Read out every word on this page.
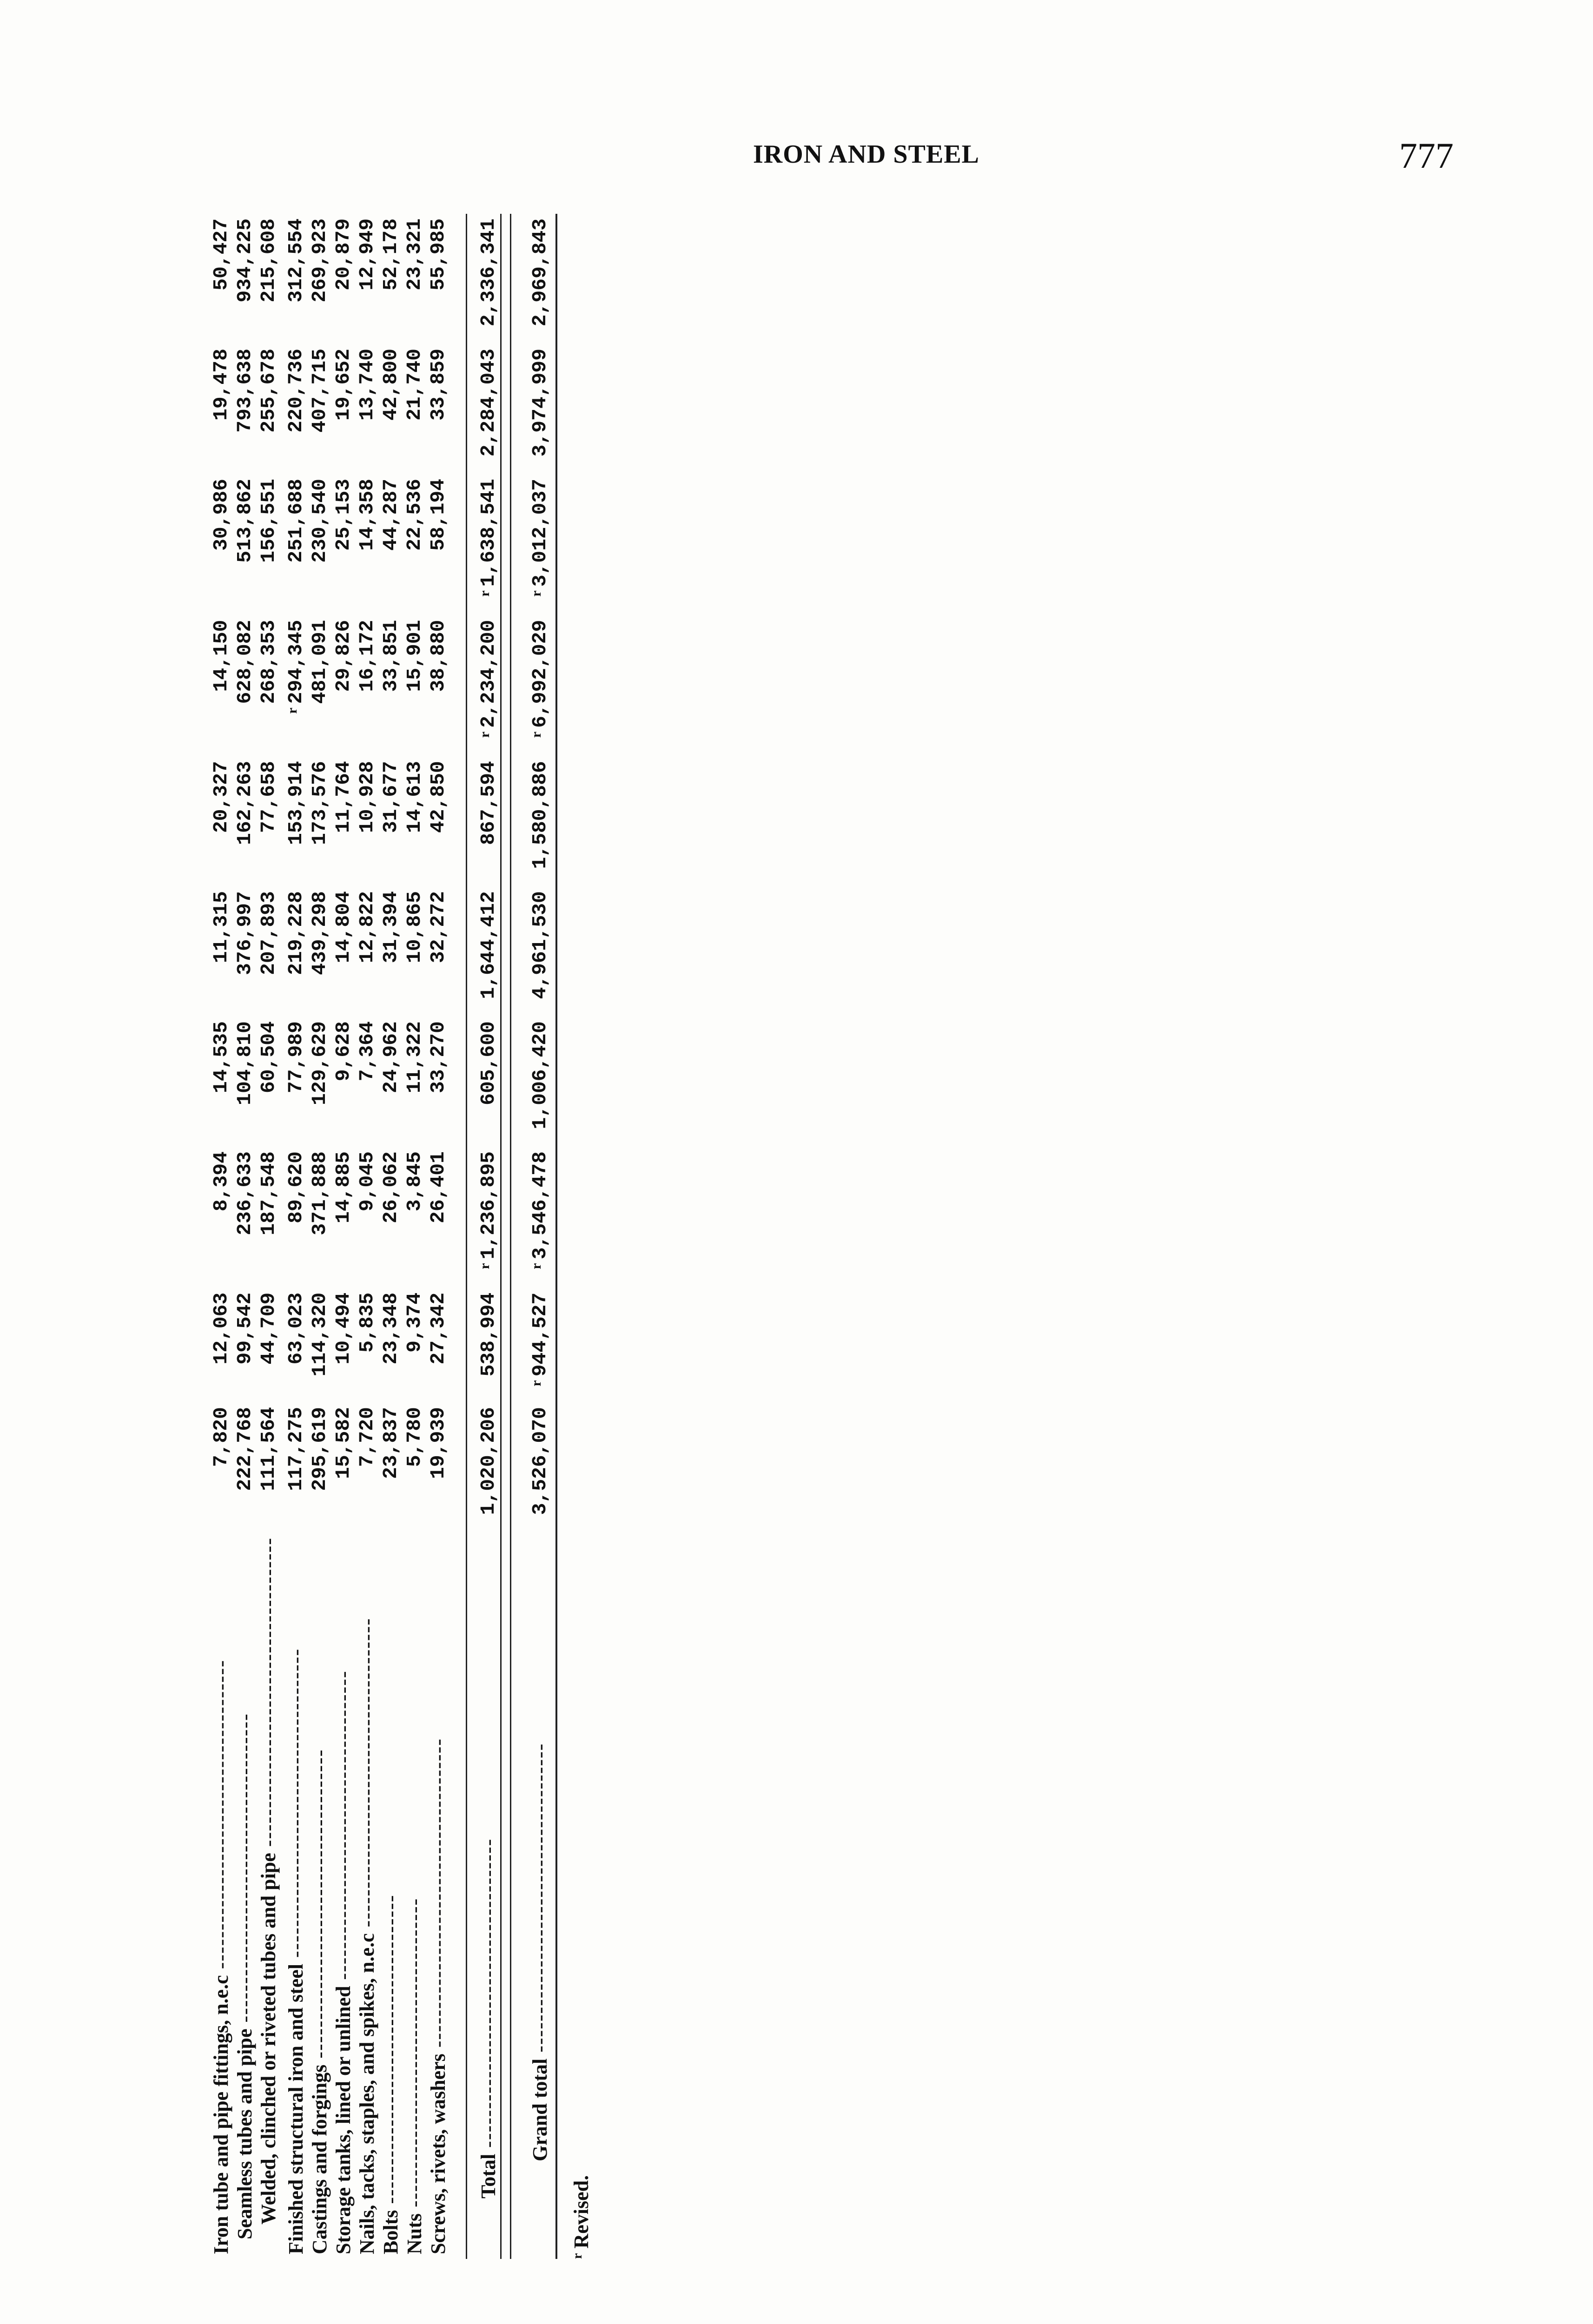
IRON AND STEEL	777
Iron tube and pipe fittings, n.e.c ----------------------------------------	7,820	12,063	8,394	14,535	11,315	20,327	14,150	30,986	19,478	50,427
Seamless tubes and pipe ----------------------------------------	222,768	99,542	236,633	104,810	376,997	162,263	628,082	513,862	793,638	934,225
Welded, clinched or riveted tubes and pipe ----------------------------------------	111,564	44,709	187,548	60,504	207,893	77,658	268,353	156,551	255,678	215,608
Finished structural iron and steel ----------------------------------------	117,275	63,023	89,620	77,989	219,228	153,914	$^r$294,345	251,688	220,736	312,554
Castings and forgings ----------------------------------------	295,619	114,320	371,888	129,629	439,298	173,576	481,091	230,540	407,715	269,923
Storage tanks, lined or unlined ----------------------------------------	15,582	10,494	14,885	9,628	14,804	11,764	29,826	25,153	19,652	20,879
Nails, tacks, staples, and spikes, n.e.c ----------------------------------------	7,720	5,835	9,045	7,364	12,822	10,928	16,172	14,358	13,740	12,949
Bolts ----------------------------------------	23,837	23,348	26,062	24,962	31,394	31,677	33,851	44,287	42,800	52,178
Nuts ----------------------------------------	5,780	9,374	3,845	11,322	10,865	14,613	15,901	22,536	21,740	23,321
Screws, rivets, washers ----------------------------------------	19,939	27,342	26,401	33,270	32,272	42,850	38,880	58,194	33,859	55,985

Total ----------------------------------------	1,020,206	538,994	$^r$1,236,895	605,600	1,644,412	867,594	$^r$2,234,200	$^r$1,638,541	2,284,043	2,336,341

Grand total ----------------------------------------	3,526,070	$^r$944,527	$^r$3,546,478	1,006,420	4,961,530	1,580,886	$^r$6,992,029	$^r$3,012,037	3,974,999	2,969,843

$^r$Revised.
